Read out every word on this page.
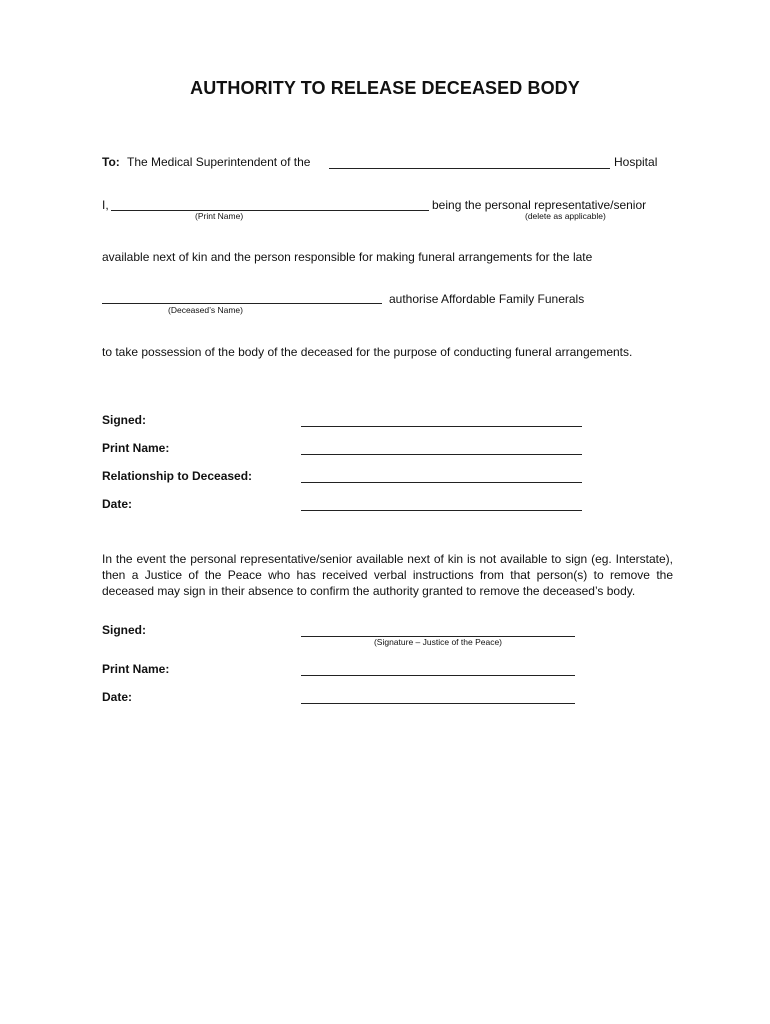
AUTHORITY TO RELEASE DECEASED BODY
To: The Medical Superintendent of the	Hospital
I,	being the personal representative/senior
(Print Name)	(delete as applicable)
available next of kin and the person responsible for making funeral arrangements for the late
authorise Affordable Family Funerals
(Deceased’s Name)
to take possession of the body of the deceased for the purpose of conducting funeral arrangements.
Signed:
Print Name:
Relationship to Deceased:
Date:
In the event the personal representative/senior available next of kin is not available to sign (eg. Interstate), then a Justice of the Peace who has received verbal instructions from that person(s) to remove the deceased may sign in their absence to confirm the authority granted to remove the deceased’s body.
Signed:
(Signature – Justice of the Peace)
Print Name:
Date:
